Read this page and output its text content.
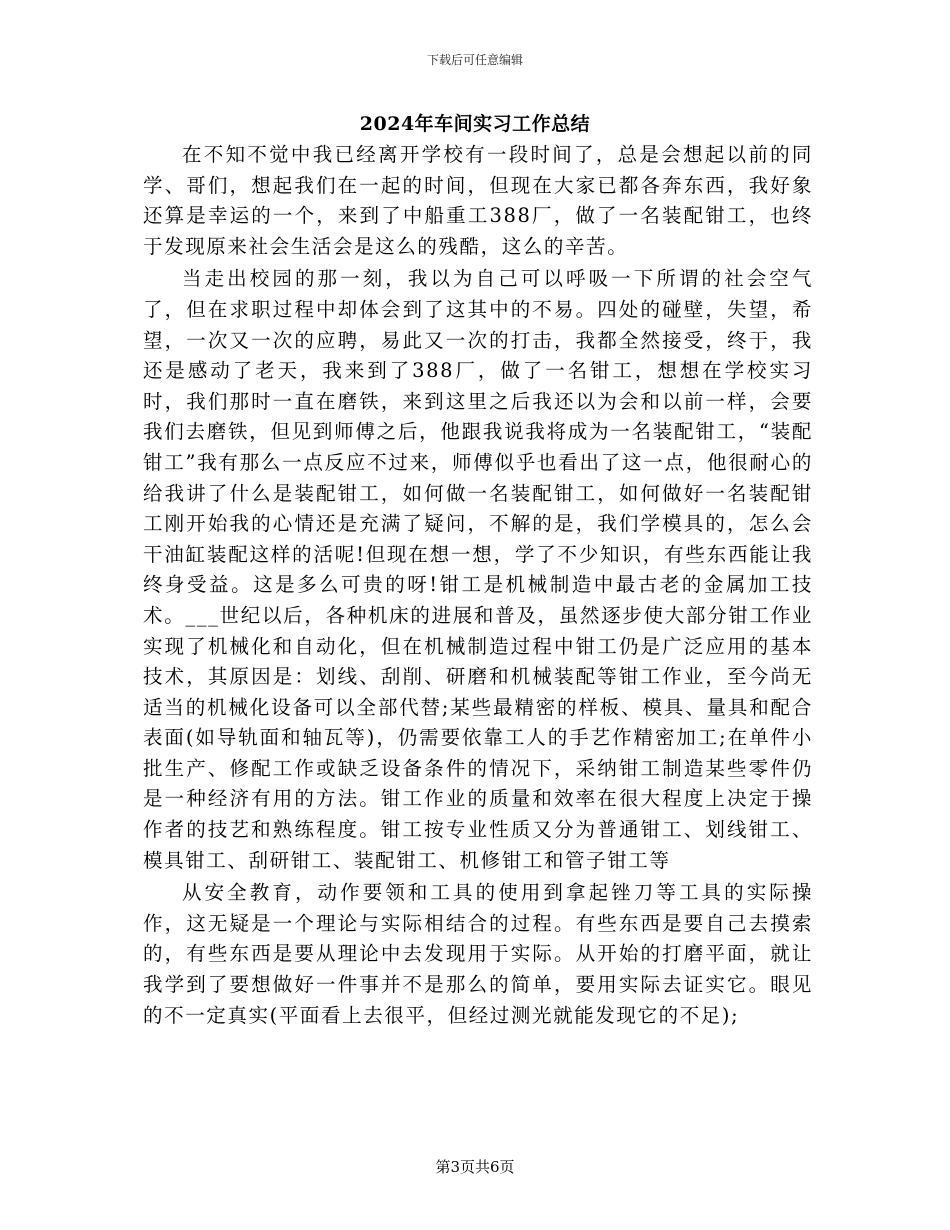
下载后可任意编辑
2024年车间实习工作总结

在不知不觉中我已经离开学校有一段时间了，总是会想起以前的同学、哥们，想起我们在一起的时间，但现在大家已都各奔东西，我好象还算是幸运的一个，来到了中船重工388厂，做了一名装配钳工，也终于发现原来社会生活会是这么的残酷，这么的辛苦。

当走出校园的那一刻，我以为自己可以呼吸一下所谓的社会空气了，但在求职过程中却体会到了这其中的不易。四处的碰壁，失望，希望，一次又一次的应聘，易此又一次的打击，我都全然接受，终于，我还是感动了老天，我来到了388厂，做了一名钳工，想想在学校实习时，我们那时一直在磨铁，来到这里之后我还以为会和以前一样，会要我们去磨铁，但见到师傅之后，他跟我说我将成为一名装配钳工，“装配钳工”我有那么一点反应不过来，师傅似乎也看出了这一点，他很耐心的给我讲了什么是装配钳工，如何做一名装配钳工，如何做好一名装配钳工刚开始我的心情还是充满了疑问，不解的是，我们学模具的，怎么会干油缸装配这样的活呢!但现在想一想，学了不少知识，有些东西能让我终身受益。这是多么可贵的呀!钳工是机械制造中最古老的金属加工技术。___世纪以后，各种机床的进展和普及，虽然逐步使大部分钳工作业实现了机械化和自动化，但在机械制造过程中钳工仍是广泛应用的基本技术，其原因是：划线、刮削、研磨和机械装配等钳工作业，至今尚无适当的机械化设备可以全部代替;某些最精密的样板、模具、量具和配合表面(如导轨面和轴瓦等)，仍需要依靠工人的手艺作精密加工;在单件小批生产、修配工作或缺乏设备条件的情况下，采纳钳工制造某些零件仍是一种经济有用的方法。钳工作业的质量和效率在很大程度上决定于操作者的技艺和熟练程度。钳工按专业性质又分为普通钳工、划线钳工、模具钳工、刮研钳工、装配钳工、机修钳工和管子钳工等

从安全教育，动作要领和工具的使用到拿起锉刀等工具的实际操作，这无疑是一个理论与实际相结合的过程。有些东西是要自己去摸索的，有些东西是要从理论中去发现用于实际。从开始的打磨平面，就让我学到了要想做好一件事并不是那么的简单，要用实际去证实它。眼见的不一定真实(平面看上去很平，但经过测光就能发现它的不足);

第3页共6页
